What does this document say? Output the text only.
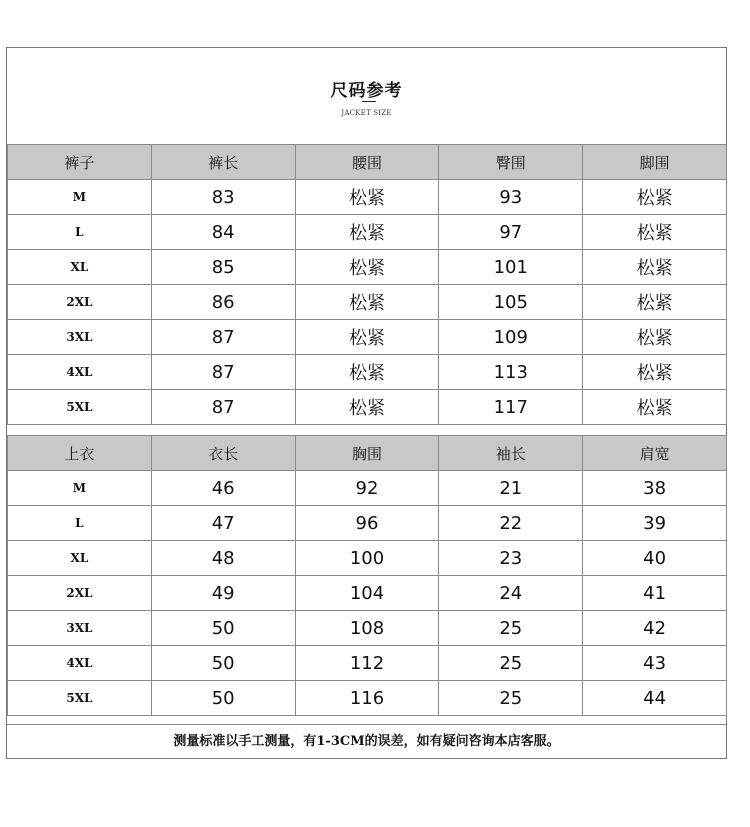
尺码参考
JACKET SIZE
裤子	裤长	腰围	臀围	脚围
M	83	松紧	93	松紧
L	84	松紧	97	松紧
XL	85	松紧	101	松紧
2XL	86	松紧	105	松紧
3XL	87	松紧	109	松紧
4XL	87	松紧	113	松紧
5XL	87	松紧	117	松紧
上衣	衣长	胸围	袖长	肩宽
M	46	92	21	38
L	47	96	22	39
XL	48	100	23	40
2XL	49	104	24	41
3XL	50	108	25	42
4XL	50	112	25	43
5XL	50	116	25	44
测量标准以手工测量，有1-3CM的误差，如有疑问咨询本店客服。
